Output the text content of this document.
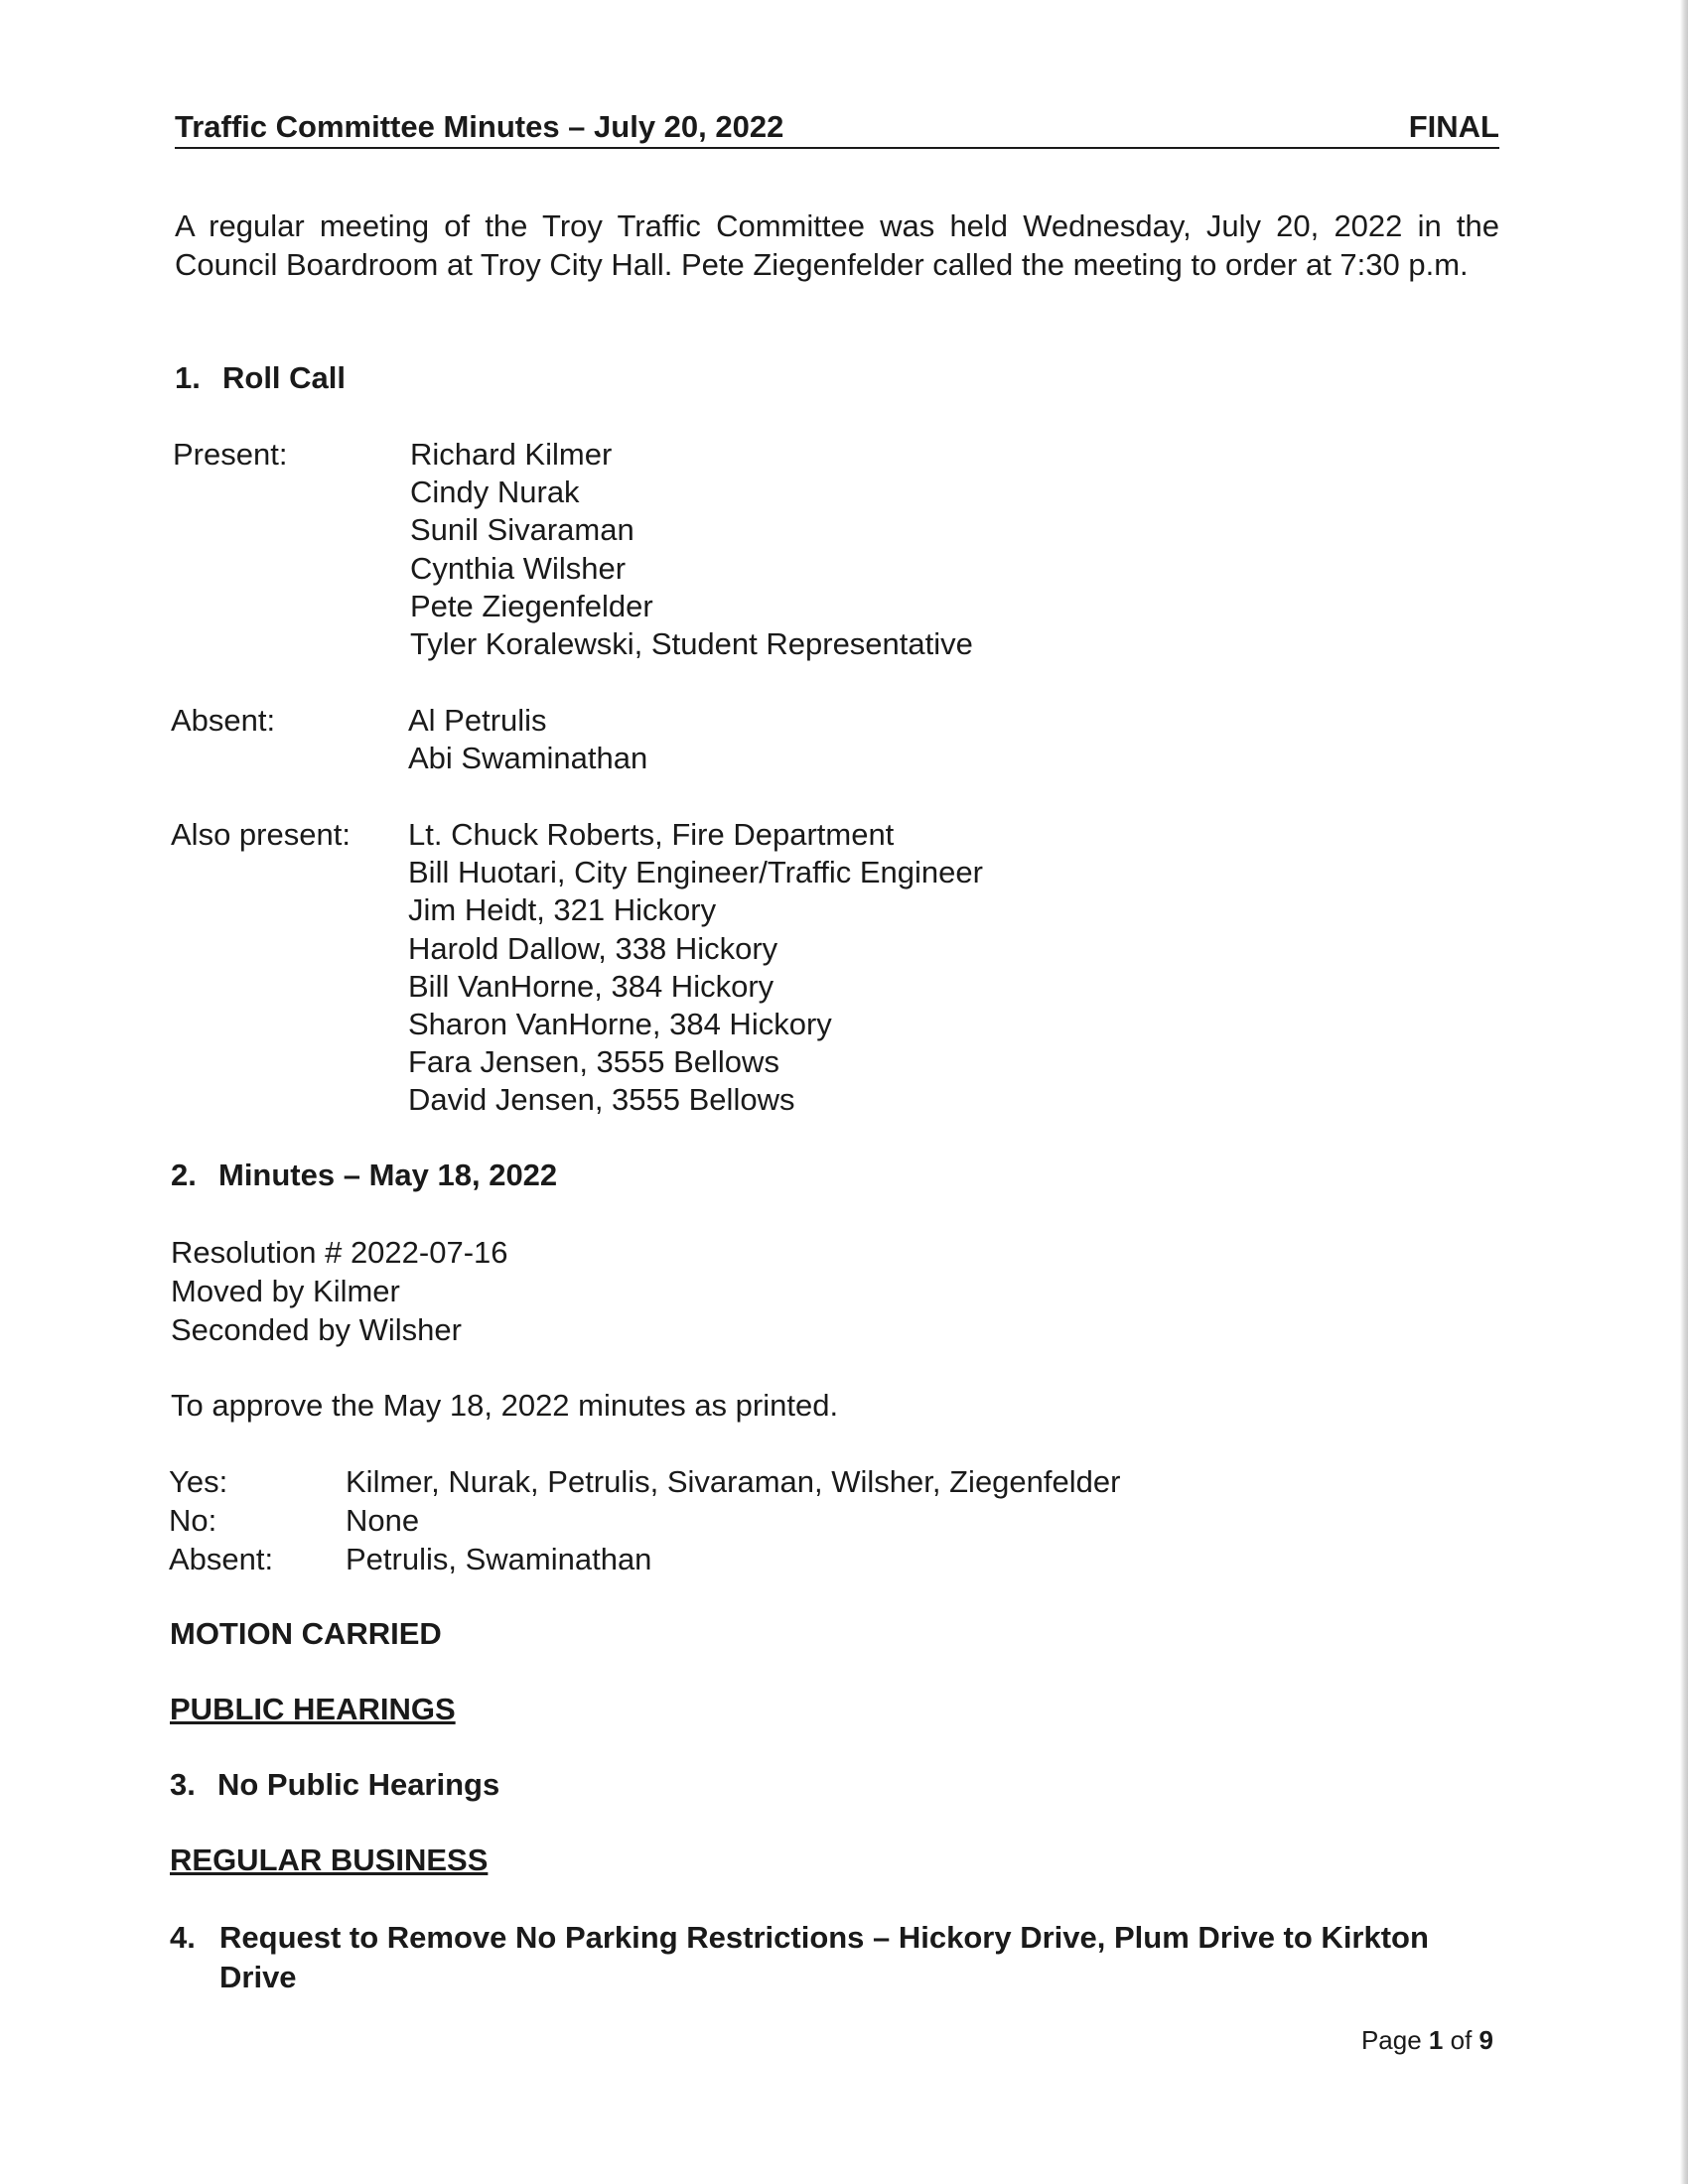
Traffic Committee Minutes – July 20, 2022	FINAL

A regular meeting of the Troy Traffic Committee was held Wednesday, July 20, 2022 in the Council Boardroom at Troy City Hall. Pete Ziegenfelder called the meeting to order at 7:30 p.m.

1. Roll Call
Present:	Richard Kilmer
Cindy Nurak
Sunil Sivaraman
Cynthia Wilsher
Pete Ziegenfelder
Tyler Koralewski, Student Representative
Absent:	Al Petrulis
Abi Swaminathan
Also present: Lt. Chuck Roberts, Fire Department
Bill Huotari, City Engineer/Traffic Engineer
Jim Heidt, 321 Hickory
Harold Dallow, 338 Hickory
Bill VanHorne, 384 Hickory
Sharon VanHorne, 384 Hickory
Fara Jensen, 3555 Bellows
David Jensen, 3555 Bellows
2. Minutes – May 18, 2022
Resolution # 2022-07-16
Moved by Kilmer
Seconded by Wilsher
To approve the May 18, 2022 minutes as printed.
Yes:	Kilmer, Nurak, Petrulis, Sivaraman, Wilsher, Ziegenfelder
No:	None
Absent:	Petrulis, Swaminathan
MOTION CARRIED
PUBLIC HEARINGS
3. No Public Hearings
REGULAR BUSINESS
4. Request to Remove No Parking Restrictions – Hickory Drive, Plum Drive to Kirkton Drive
Page 1 of 9
